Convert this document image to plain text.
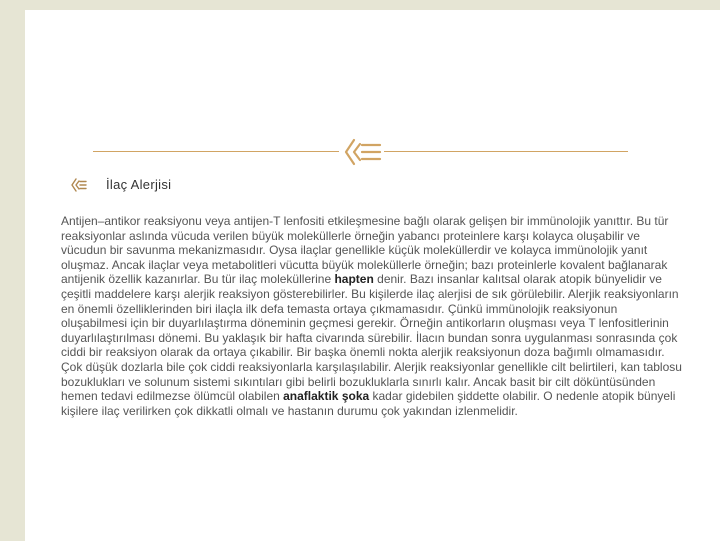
İlaç Alerjisi

Antijen–antikor reaksiyonu veya antijen-T lenfositi etkileşmesine bağlı olarak gelişen bir immünolojik yanıttır. Bu tür reaksiyonlar aslında vücuda verilen büyük moleküllerle örneğin yabancı proteinlere karşı kolayca oluşabilir ve vücudun bir savunma mekanizmasıdır. Oysa ilaçlar genellikle küçük moleküllerdir ve kolayca immünolojik yanıt oluşmaz. Ancak ilaçlar veya metabolitleri vücutta büyük moleküllerle örneğin; bazı proteinlerle kovalent bağlanarak antijenik özellik kazanırlar. Bu tür ilaç moleküllerine hapten denir. Bazı insanlar kalıtsal olarak atopik bünyelidir ve çeşitli maddelere karşı alerjik reaksiyon gösterebilirler. Bu kişilerde ilaç alerjisi de sık görülebilir. Alerjik reaksiyonların en önemli özelliklerinden biri ilaçla ilk defa temasta ortaya çıkmamasıdır. Çünkü immünolojik reaksiyonun oluşabilmesi için bir duyarlılaştırma döneminin geçmesi gerekir. Örneğin antikorların oluşması veya T lenfositlerinin duyarlılaştırılması dönemi. Bu yaklaşık bir hafta civarında sürebilir. İlacın bundan sonra uygulanması sonrasında çok ciddi bir reaksiyon olarak da ortaya çıkabilir. Bir başka önemli nokta alerjik reaksiyonun doza bağımlı olmamasıdır. Çok düşük dozlarla bile çok ciddi reaksiyonlarla karşılaşılabilir. Alerjik reaksiyonlar genellikle cilt belirtileri, kan tablosu bozuklukları ve solunum sistemi sıkıntıları gibi belirli bozukluklarla sınırlı kalır. Ancak basit bir cilt döküntüsünden hemen tedavi edilmezse ölümcül olabilen anaflaktik şoka kadar gidebilen şiddette olabilir. O nedenle atopik bünyeli kişilere ilaç verilirken çok dikkatli olmalı ve hastanın durumu çok yakından izlenmelidir.
